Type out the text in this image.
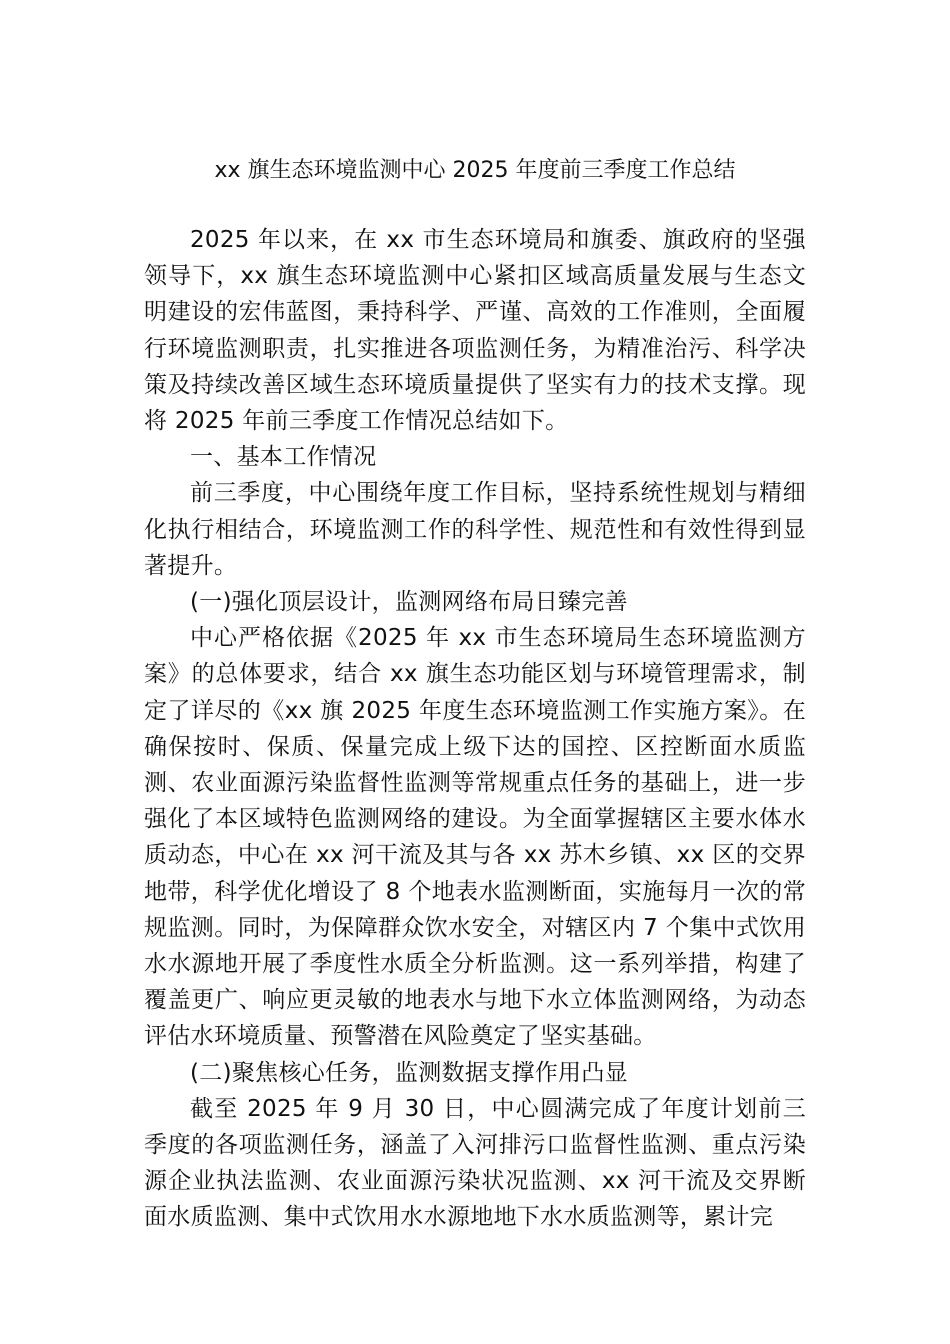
xx 旗生态环境监测中心 2025 年度前三季度工作总结

2025 年以来，在 xx 市生态环境局和旗委、旗政府的坚强领导下，xx 旗生态环境监测中心紧扣区域高质量发展与生态文明建设的宏伟蓝图，秉持科学、严谨、高效的工作准则，全面履行环境监测职责，扎实推进各项监测任务，为精准治污、科学决策及持续改善区域生态环境质量提供了坚实有力的技术支撑。现将 2025 年前三季度工作情况总结如下。

一、基本工作情况

前三季度，中心围绕年度工作目标，坚持系统性规划与精细化执行相结合，环境监测工作的科学性、规范性和有效性得到显著提升。

(一)强化顶层设计，监测网络布局日臻完善

中心严格依据《2025 年 xx 市生态环境局生态环境监测方案》的总体要求，结合 xx 旗生态功能区划与环境管理需求，制定了详尽的《xx 旗 2025 年度生态环境监测工作实施方案》。在确保按时、保质、保量完成上级下达的国控、区控断面水质监测、农业面源污染监督性监测等常规重点任务的基础上，进一步强化了本区域特色监测网络的建设。为全面掌握辖区主要水体水质动态，中心在 xx 河干流及其与各 xx 苏木乡镇、xx 区的交界地带，科学优化增设了 8 个地表水监测断面，实施每月一次的常规监测。同时，为保障群众饮水安全，对辖区内 7 个集中式饮用水水源地开展了季度性水质全分析监测。这一系列举措，构建了覆盖更广、响应更灵敏的地表水与地下水立体监测网络，为动态评估水环境质量、预警潜在风险奠定了坚实基础。

(二)聚焦核心任务，监测数据支撑作用凸显

截至 2025 年 9 月 30 日，中心圆满完成了年度计划前三季度的各项监测任务，涵盖了入河排污口监督性监测、重点污染源企业执法监测、农业面源污染状况监测、xx 河干流及交界断面水质监测、集中式饮用水水源地地下水水质监测等，累计完
